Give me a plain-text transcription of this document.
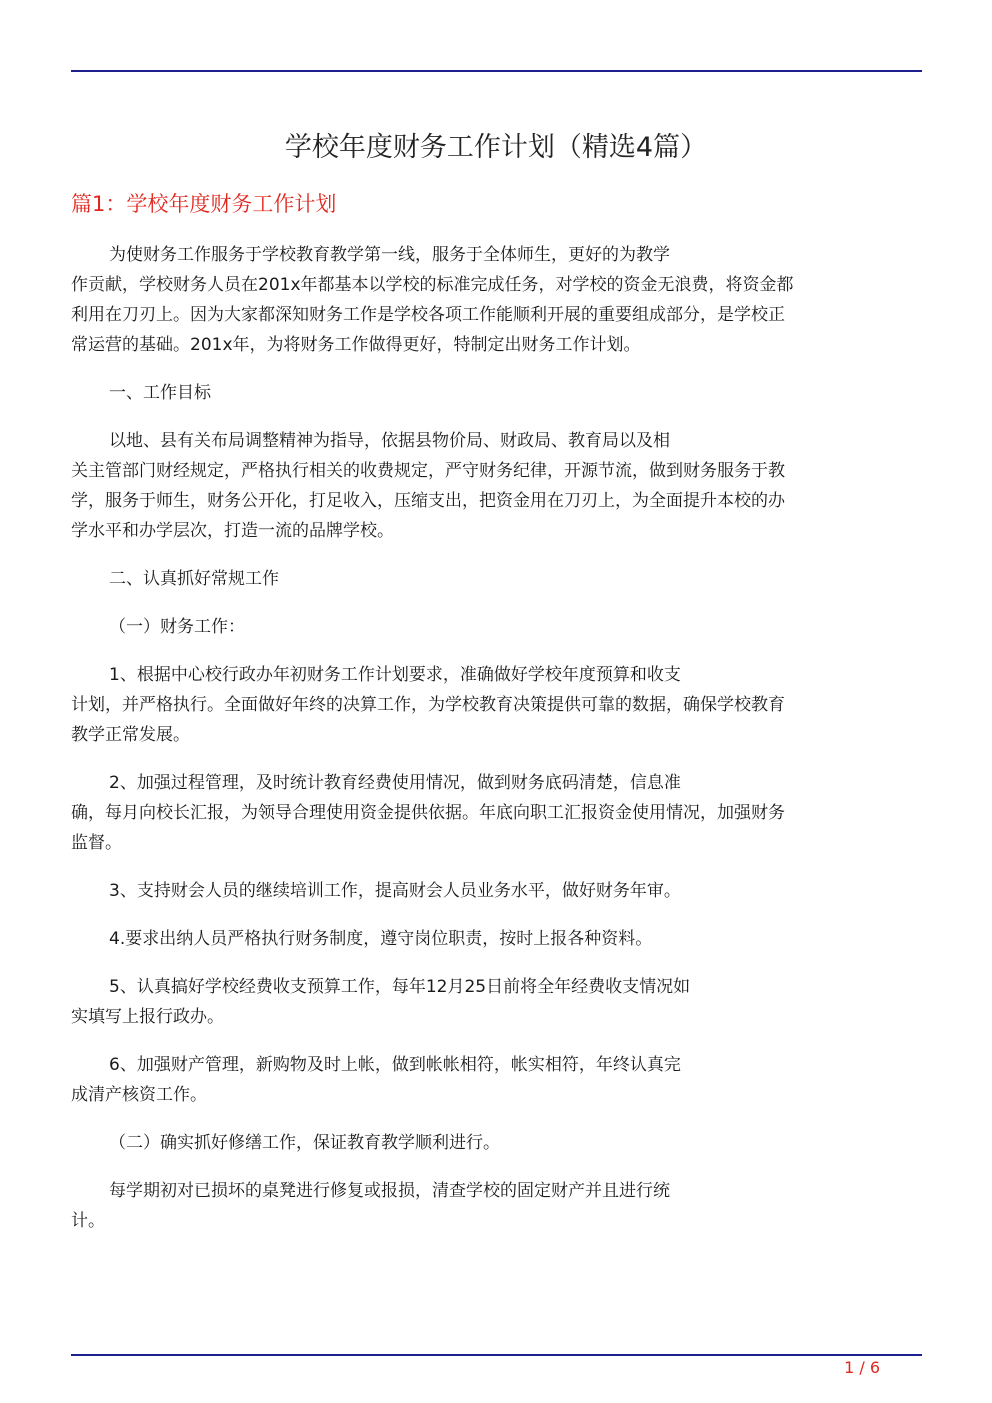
学校年度财务工作计划（精选4篇）
篇1：学校年度财务工作计划

为使财务工作服务于学校教育教学第一线，服务于全体师生，更好的为教学
作贡献，学校财务人员在201x年都基本以学校的标准完成任务，对学校的资金无浪费，将资金都
利用在刀刃上。因为大家都深知财务工作是学校各项工作能顺利开展的重要组成部分，是学校正
常运营的基础。201x年，为将财务工作做得更好，特制定出财务工作计划。

一、工作目标

以地、县有关布局调整精神为指导，依据县物价局、财政局、教育局以及相
关主管部门财经规定，严格执行相关的收费规定，严守财务纪律，开源节流，做到财务服务于教
学，服务于师生，财务公开化，打足收入，压缩支出，把资金用在刀刃上，为全面提升本校的办
学水平和办学层次，打造一流的品牌学校。

二、认真抓好常规工作

（一）财务工作：

1、根据中心校行政办年初财务工作计划要求，准确做好学校年度预算和收支
计划，并严格执行。全面做好年终的决算工作，为学校教育决策提供可靠的数据，确保学校教育
教学正常发展。

2、加强过程管理，及时统计教育经费使用情况，做到财务底码清楚，信息准
确，每月向校长汇报，为领导合理使用资金提供依据。年底向职工汇报资金使用情况，加强财务
监督。

3、支持财会人员的继续培训工作，提高财会人员业务水平，做好财务年审。

4.要求出纳人员严格执行财务制度，遵守岗位职责，按时上报各种资料。

5、认真搞好学校经费收支预算工作，每年12月25日前将全年经费收支情况如
实填写上报行政办。

6、加强财产管理，新购物及时上帐，做到帐帐相符，帐实相符，年终认真完
成清产核资工作。

（二）确实抓好修缮工作，保证教育教学顺利进行。

每学期初对已损坏的桌凳进行修复或报损，清查学校的固定财产并且进行统
计。

1 / 6
